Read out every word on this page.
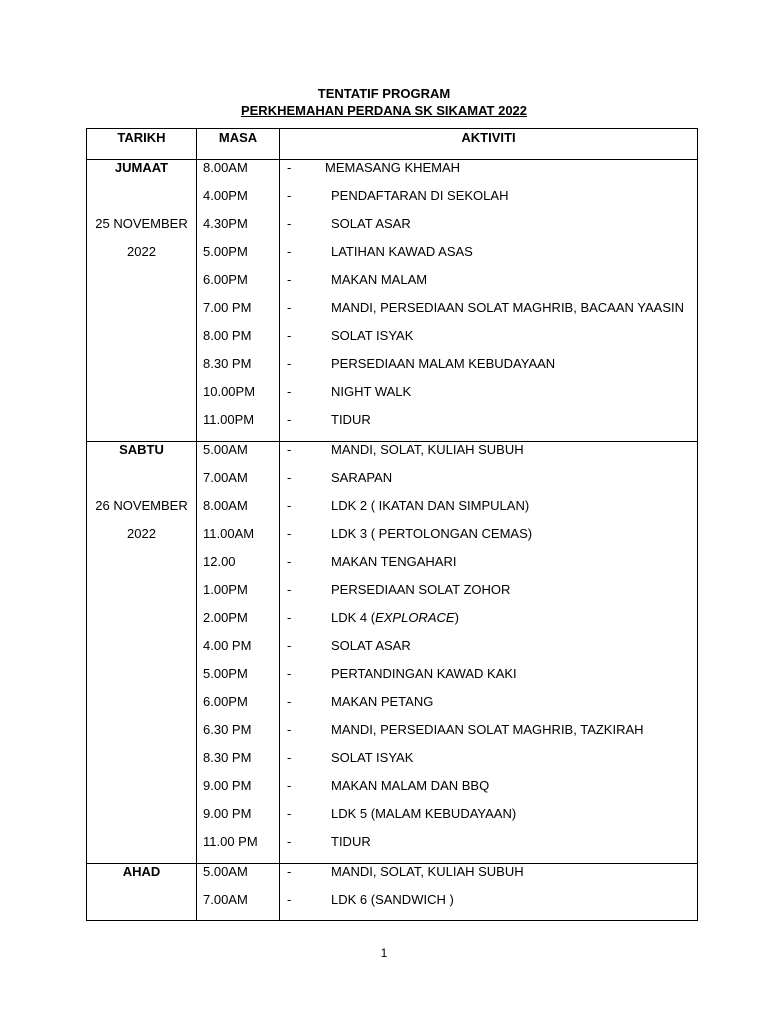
TENTATIF PROGRAM
PERKHEMAHAN PERDANA SK SIKAMAT 2022
TARIKH	MASA	AKTIVITI
JUMAAT	8.00AM	- MEMASANG KHEMAH
	4.00PM	- PENDAFTARAN DI SEKOLAH
25 NOVEMBER	4.30PM	- SOLAT ASAR
2022	5.00PM	- LATIHAN KAWAD ASAS
	6.00PM	- MAKAN MALAM
	7.00 PM	- MANDI, PERSEDIAAN SOLAT MAGHRIB, BACAAN YAASIN
	8.00 PM	- SOLAT ISYAK
	8.30 PM	- PERSEDIAAN MALAM KEBUDAYAAN
	10.00PM	- NIGHT WALK
	11.00PM	- TIDUR
SABTU	5.00AM	- MANDI, SOLAT, KULIAH SUBUH
	7.00AM	- SARAPAN
26 NOVEMBER	8.00AM	- LDK 2 ( IKATAN DAN SIMPULAN)
2022	11.00AM	- LDK 3 ( PERTOLONGAN CEMAS)
	12.00	- MAKAN TENGAHARI
	1.00PM	- PERSEDIAAN SOLAT ZOHOR
	2.00PM	- LDK 4 (EXPLORACE)
	4.00 PM	- SOLAT ASAR
	5.00PM	- PERTANDINGAN KAWAD KAKI
	6.00PM	- MAKAN PETANG
	6.30 PM	- MANDI, PERSEDIAAN SOLAT MAGHRIB, TAZKIRAH
	8.30 PM	- SOLAT ISYAK
	9.00 PM	- MAKAN MALAM DAN BBQ
	9.00 PM	- LDK 5 (MALAM KEBUDAYAAN)
	11.00 PM	- TIDUR
AHAD	5.00AM	- MANDI, SOLAT, KULIAH SUBUH
	7.00AM	- LDK 6 (SANDWICH )
1
